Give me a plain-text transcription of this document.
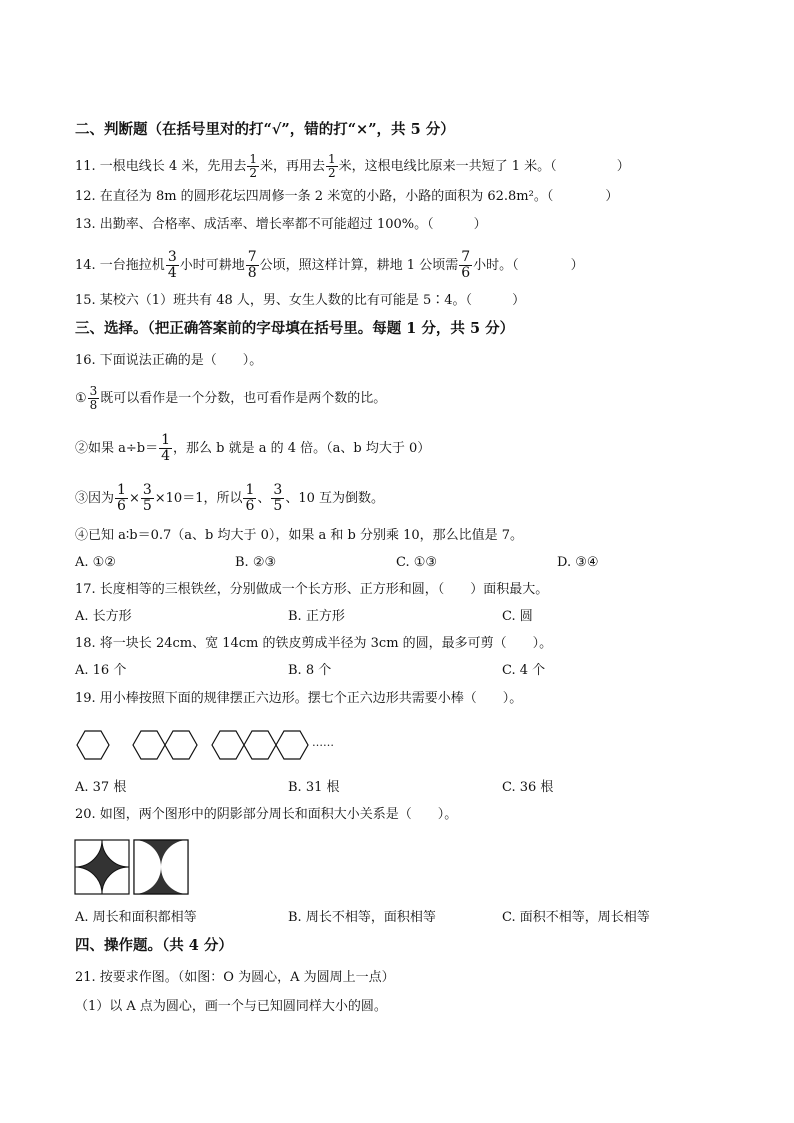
二、判断题（在括号里对的打“√”，错的打“×”，共 5 分）
11. 一根电线长 4 米，先用去 $\frac{1}{2}$ 米，再用去 $\frac{1}{2}$ 米，这根电线比原来一共短了 1 米。（	）
12. 在直径为 8m 的圆形花坛四周修一条 2 米宽的小路，小路的面积为 62.8m²。（	）
13. 出勤率、合格率、成活率、增长率都不可能超过 100%。（	）
14. 一台拖拉机 $\frac{3}{4}$ 小时可耕地 $\frac{7}{8}$ 公顷，照这样计算，耕地 1 公顷需 $\frac{7}{6}$ 小时。（	）
15. 某校六（1）班共有 48 人，男、女生人数的比有可能是 5∶4。（	）
三、选择。（把正确答案前的字母填在括号里。每题 1 分，共 5 分）
16. 下面说法正确的是（　　）。
① $\frac{3}{8}$ 既可以看作是一个分数，也可看作是两个数的比。
②如果 $a\div b= \frac{1}{4}$ ，那么 b 就是 a 的 4 倍。（a、b 均大于 0）
③因为 $\frac{1}{6} \times \frac{3}{5} \times 10=1$，所以 $\frac{1}{6}$ 、 $\frac{3}{5}$ 、10 互为倒数。
④已知 a∶b＝0.7（a、b 均大于 0），如果 a 和 b 分别乘 10，那么比值是 7。
A. ①②	B. ②③	C. ①③	D. ③④
17. 长度相等的三根铁丝，分别做成一个长方形、正方形和圆，（　　）面积最大。
A. 长方形	B. 正方形	C. 圆
18. 将一块长 24cm、宽 14cm 的铁皮剪成半径为 3cm 的圆，最多可剪（　　）。
A. 16 个	B. 8 个	C. 4 个
19. 用小棒按照下面的规律摆正六边形。摆七个正六边形共需要小棒（　　）。
……
A. 37 根	B. 31 根	C. 36 根
20. 如图，两个图形中的阴影部分周长和面积大小关系是（　　）。
A. 周长和面积都相等	B. 周长不相等，面积相等	C. 面积不相等，周长相等
四、操作题。（共 4 分）
21. 按要求作图。（如图：O 为圆心，A 为圆周上一点）
（1）以 A 点为圆心，画一个与已知圆同样大小的圆。
